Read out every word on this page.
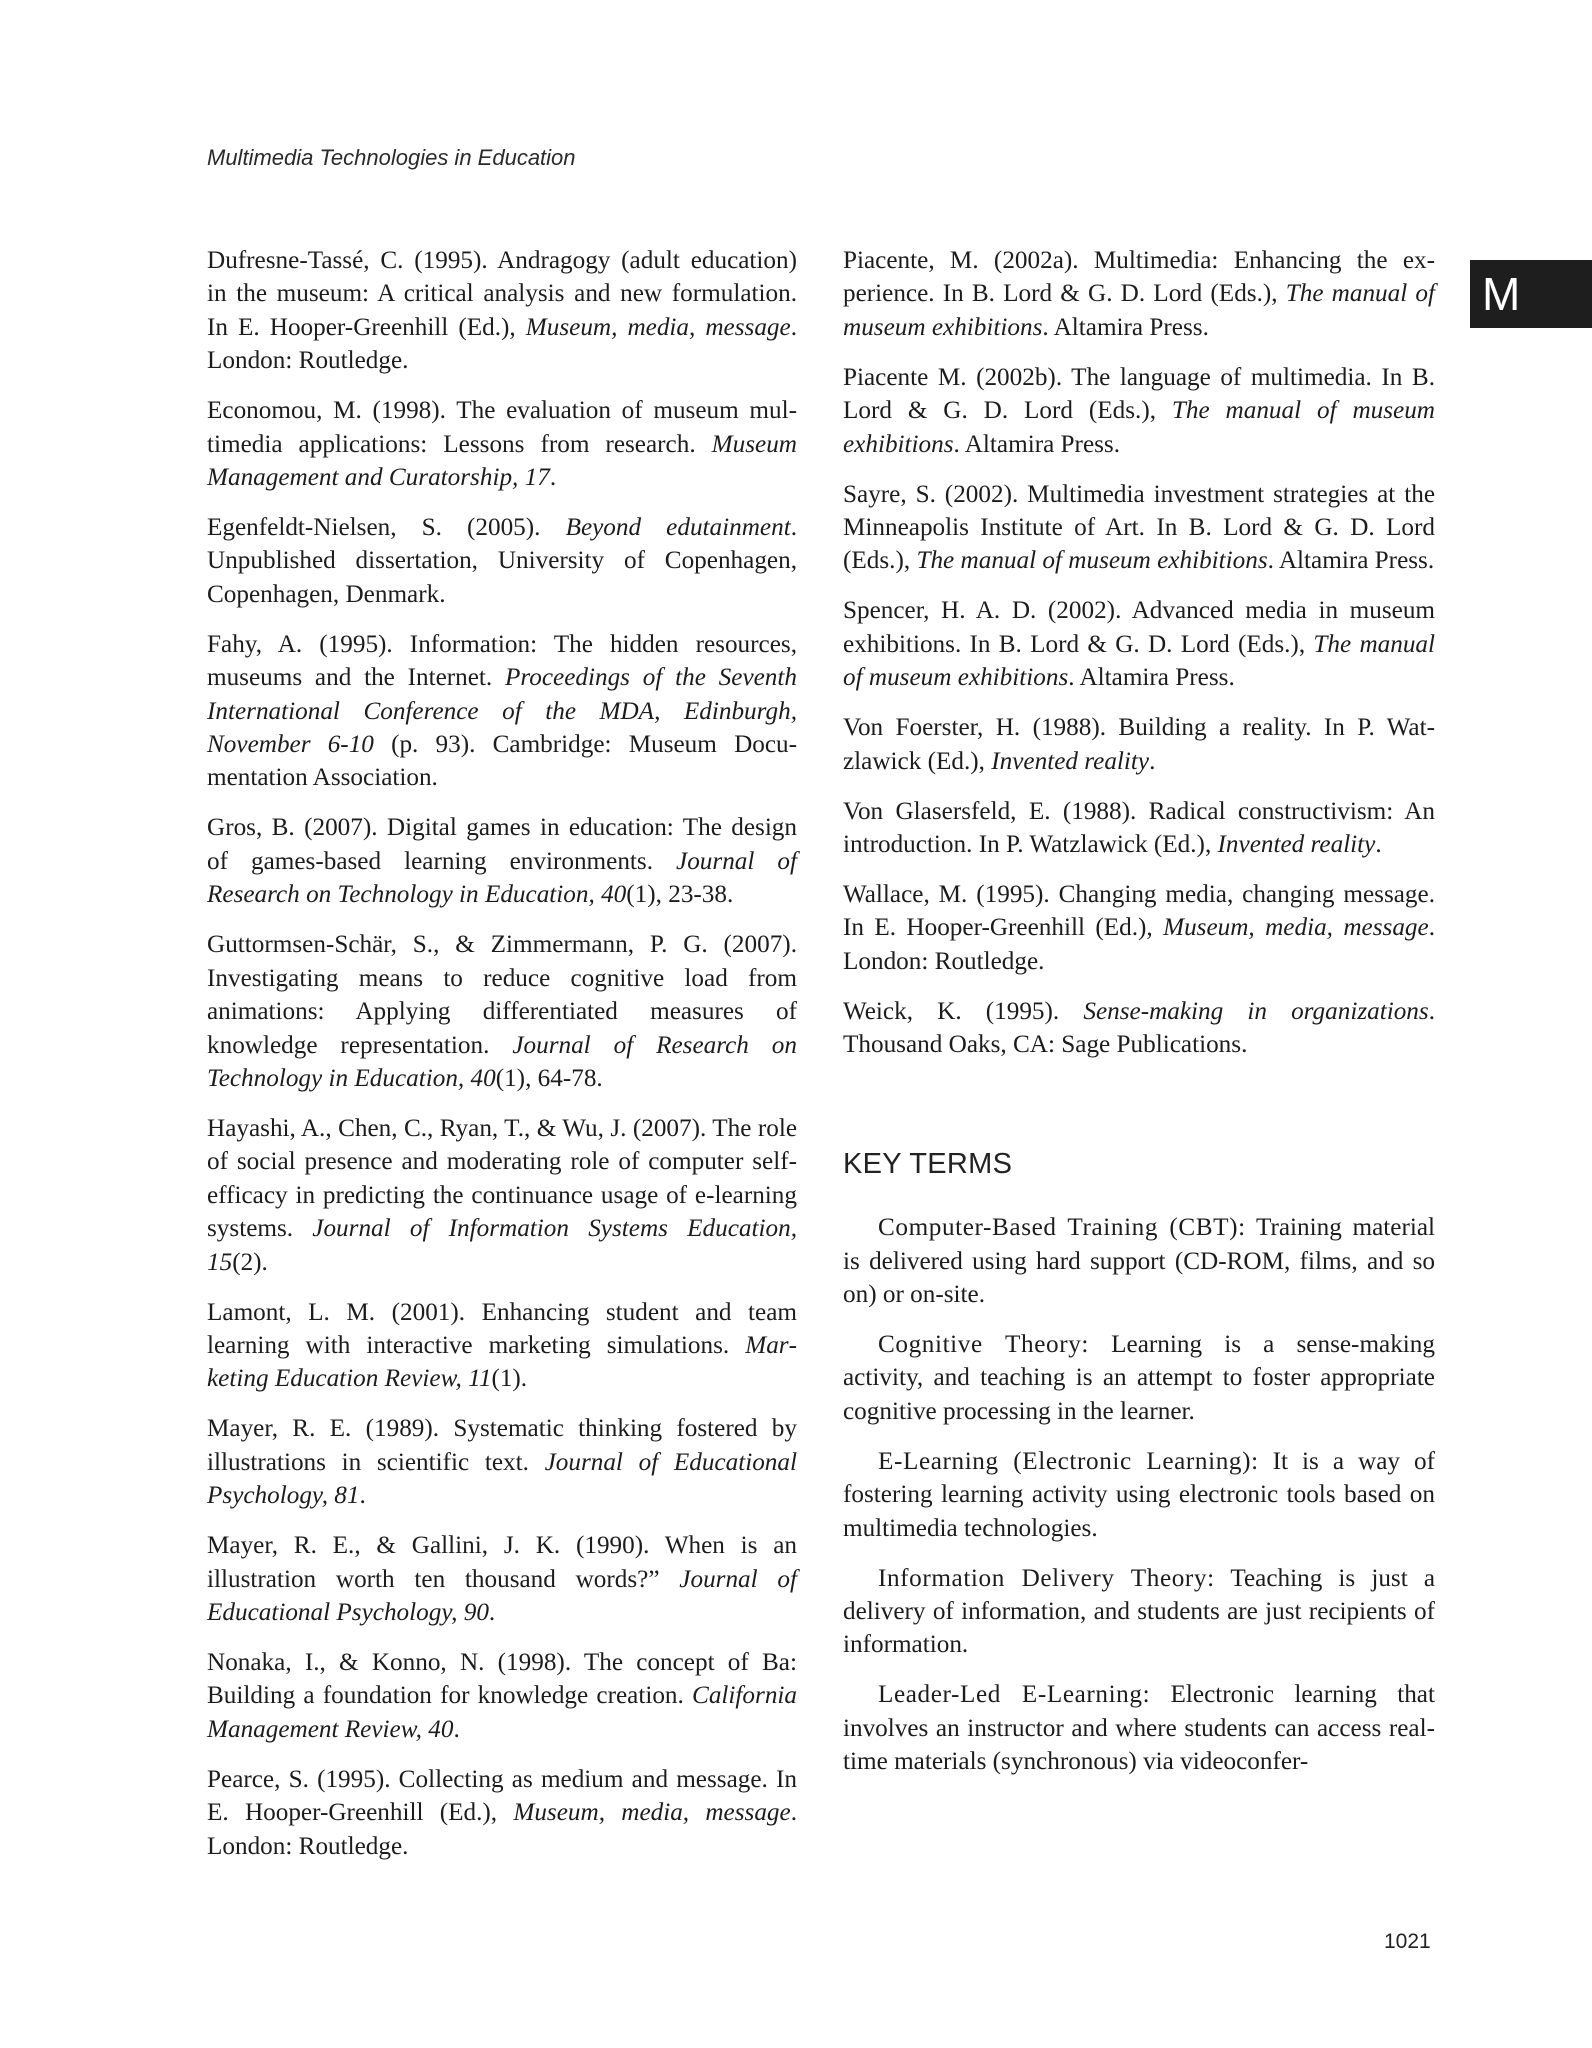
Multimedia Technologies in Education
M

Dufresne-Tassé, C. (1995). Andragogy (adult education) in the museum: A critical analysis and new formulation. In E. Hooper-Greenhill (Ed.), Museum, media, message. London: Routledge.

Economou, M. (1998). The evaluation of museum multimedia applications: Lessons from research. Museum Management and Curatorship, 17.

Egenfeldt-Nielsen, S. (2005). Beyond edutainment. Unpublished dissertation, University of Copenhagen, Copenhagen, Denmark.

Fahy, A. (1995). Information: The hidden resources, museums and the Internet. Proceedings of the Seventh International Conference of the MDA, Edinburgh, November 6-10 (p. 93). Cambridge: Museum Documentation Association.

Gros, B. (2007). Digital games in education: The design of games-based learning environments. Journal of Research on Technology in Education, 40(1), 23-38.

Guttormsen-Schär, S., & Zimmermann, P. G. (2007). Investigating means to reduce cognitive load from animations: Applying differentiated measures of knowledge representation. Journal of Research on Technology in Education, 40(1), 64-78.

Hayashi, A., Chen, C., Ryan, T., & Wu, J. (2007). The role of social presence and moderating role of computer self-efficacy in predicting the continuance usage of e-learning systems. Journal of Information Systems Education, 15(2).

Lamont, L. M. (2001). Enhancing student and team learning with interactive marketing simulations. Marketing Education Review, 11(1).

Mayer, R. E. (1989). Systematic thinking fostered by illustrations in scientific text. Journal of Educational Psychology, 81.

Mayer, R. E., & Gallini, J. K. (1990). When is an illustration worth ten thousand words?” Journal of Educational Psychology, 90.

Nonaka, I., & Konno, N. (1998). The concept of Ba: Building a foundation for knowledge creation. California Management Review, 40.

Pearce, S. (1995). Collecting as medium and message. In E. Hooper-Greenhill (Ed.), Museum, media, message. London: Routledge.

Piacente, M. (2002a). Multimedia: Enhancing the experience. In B. Lord & G. D. Lord (Eds.), The manual of museum exhibitions. Altamira Press.

Piacente M. (2002b). The language of multimedia. In B. Lord & G. D. Lord (Eds.), The manual of museum exhibitions. Altamira Press.

Sayre, S. (2002). Multimedia investment strategies at the Minneapolis Institute of Art. In B. Lord & G. D. Lord (Eds.), The manual of museum exhibitions. Altamira Press.

Spencer, H. A. D. (2002). Advanced media in museum exhibitions. In B. Lord & G. D. Lord (Eds.), The manual of museum exhibitions. Altamira Press.

Von Foerster, H. (1988). Building a reality. In P. Watzlawick (Ed.), Invented reality.

Von Glasersfeld, E. (1988). Radical constructivism: An introduction. In P. Watzlawick (Ed.), Invented reality.

Wallace, M. (1995). Changing media, changing message. In E. Hooper-Greenhill (Ed.), Museum, media, message. London: Routledge.

Weick, K. (1995). Sense-making in organizations. Thousand Oaks, CA: Sage Publications.

KEY TERMS

Computer-Based Training (CBT): Training material is delivered using hard support (CD-ROM, films, and so on) or on-site.

Cognitive Theory: Learning is a sense-making activity, and teaching is an attempt to foster appropriate cognitive processing in the learner.

E-Learning (Electronic Learning): It is a way of fostering learning activity using electronic tools based on multimedia technologies.

Information Delivery Theory: Teaching is just a delivery of information, and students are just recipients of information.

Leader-Led E-Learning: Electronic learning that involves an instructor and where students can access real-time materials (synchronous) via videoconfer-

1021
